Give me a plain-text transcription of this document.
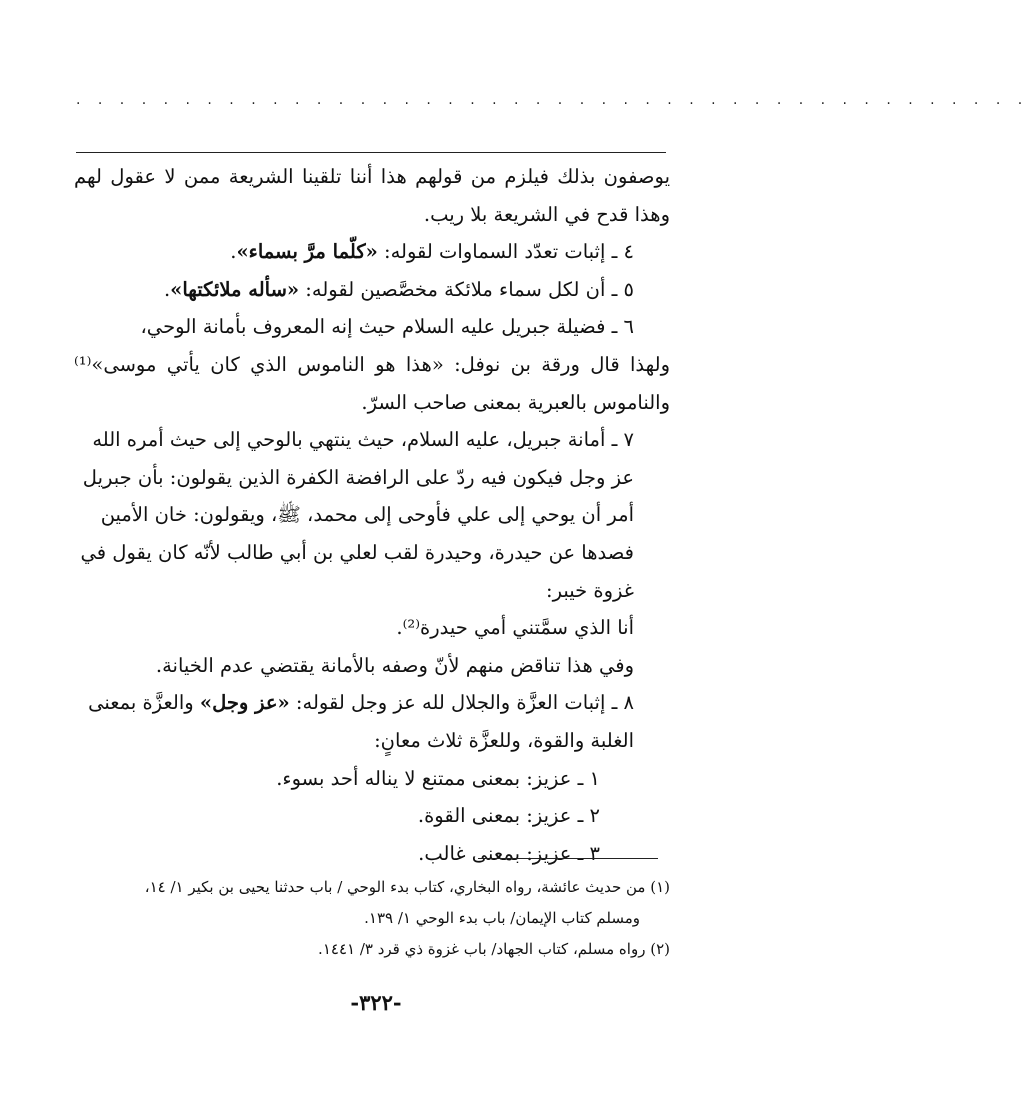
. . . . . . . . . . . . . . . . . . . . . . . . . . . . . . . . . . . . . . . . . . . .

يوصفون بذلك فيلزم من قولهم هذا أننا تلقينا الشريعة ممن لا عقول لهم وهذا قدح في الشريعة بلا ريب.

٤ ـ إثبات تعدّد السماوات لقوله: «كلّما مرَّ بسماء».

٥ ـ أن لكل سماء ملائكة مخصَّصين لقوله: «سأله ملائكتها».

٦ ـ فضيلة جبريل عليه السلام حيث إنه المعروف بأمانة الوحي،

ولهذا قال ورقة بن نوفل: «هذا هو الناموس الذي كان يأتي موسى»⁽¹⁾ والناموس بالعبرية بمعنى صاحب السرّ.

٧ ـ أمانة جبريل، عليه السلام، حيث ينتهي بالوحي إلى حيث أمره الله عز وجل فيكون فيه ردّ على الرافضة الكفرة الذين يقولون: بأن جبريل أمر أن يوحي إلى علي فأوحى إلى محمد، ﷺ، ويقولون: خان الأمين فصدها عن حيدرة، وحيدرة لقب لعلي بن أبي طالب لأنّه كان يقول في غزوة خيبر:

أنا الذي سمَّتني أمي حيدرة⁽²⁾.

وفي هذا تناقض منهم لأنّ وصفه بالأمانة يقتضي عدم الخيانة.

٨ ـ إثبات العزَّة والجلال لله عز وجل لقوله: «عز وجل» والعزَّة بمعنى الغلبة والقوة، وللعزَّة ثلاث معانٍ:

١ ـ عزيز: بمعنى ممتنع لا يناله أحد بسوء.

٢ ـ عزيز: بمعنى القوة.

٣ ـ عزيز: بمعنى غالب.

(١) من حديث عائشة، رواه البخاري، كتاب بدء الوحي / باب حدثنا يحيى بن بكير ١/ ١٤،

ومسلم كتاب الإيمان/ باب بدء الوحي ١/ ١٣٩.

(٢) رواه مسلم، كتاب الجهاد/ باب غزوة ذي قرد ٣/ ١٤٤١.

-٣٢٢-
